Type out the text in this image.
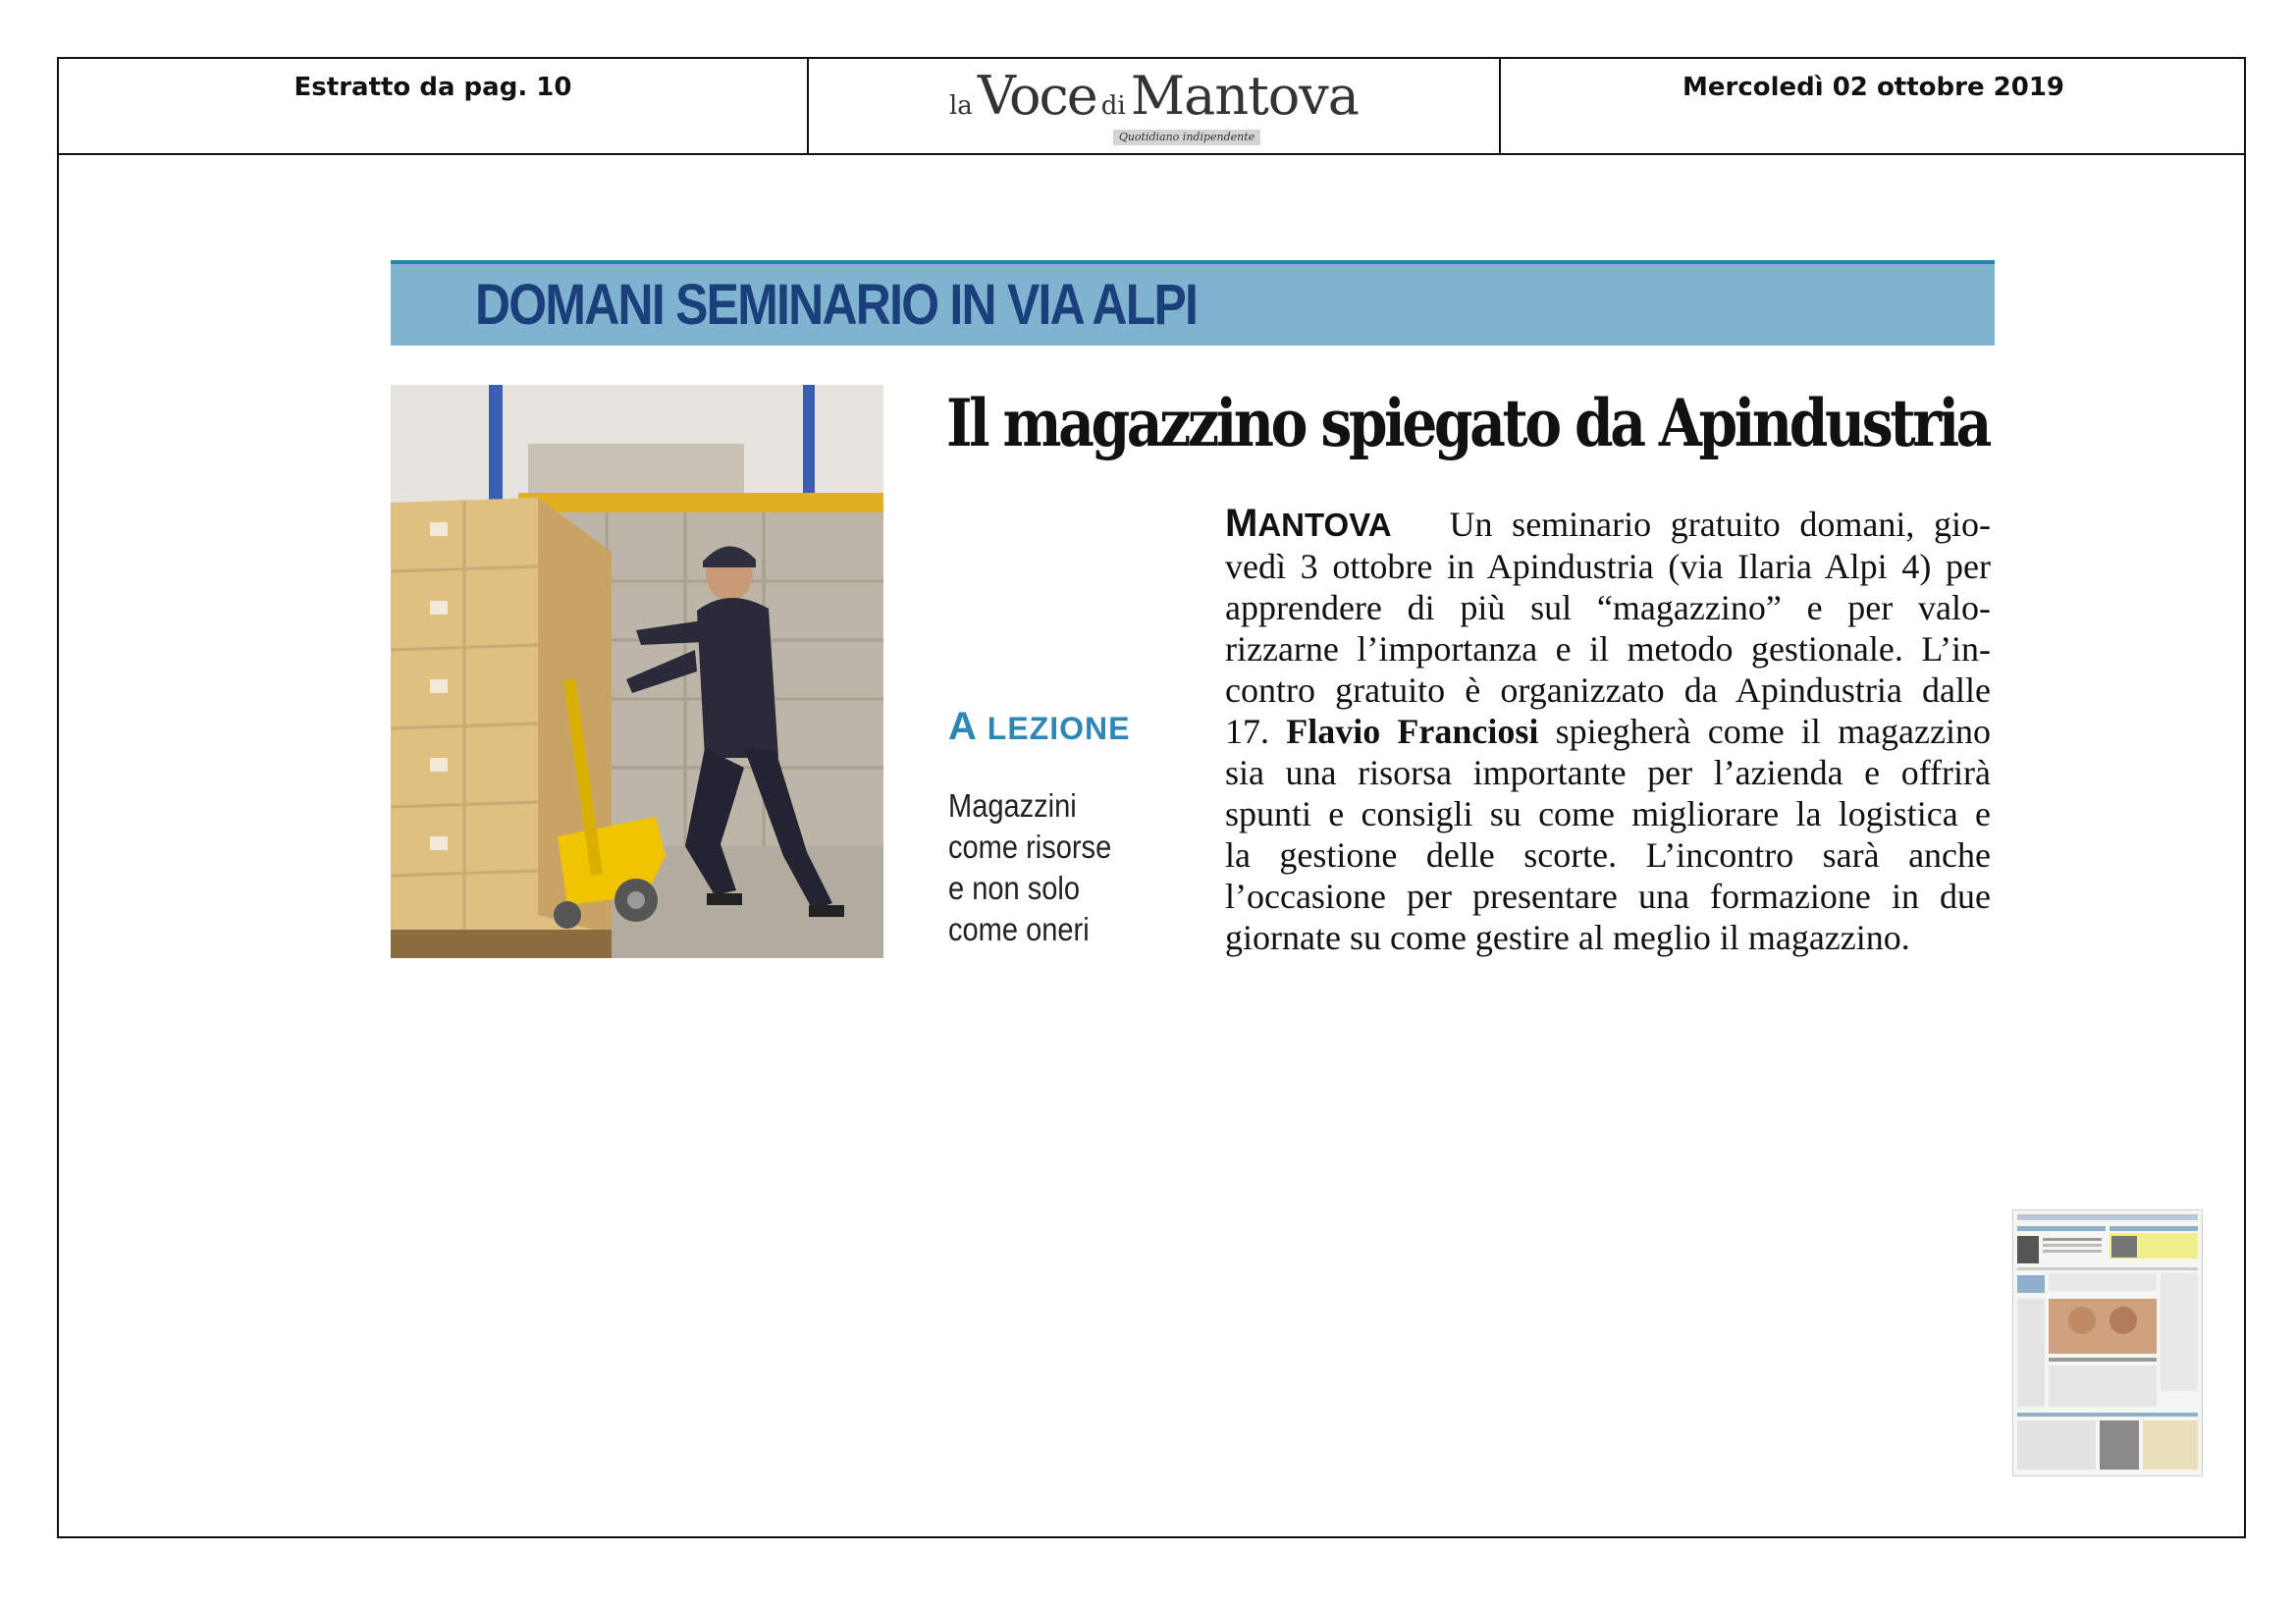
Estratto da pag. 10
la Voce di Mantova
Quotidiano indipendente
Mercoledì 02 ottobre 2019
DOMANI SEMINARIO IN VIA ALPI
Il magazzino spiegato da Apindustria
A LEZIONE
Magazzini
come risorse
e non solo
come oneri
MANTOVA Un seminario gratuito domani, gio-
vedì 3 ottobre in Apindustria (via Ilaria Alpi 4) per
apprendere di più sul “magazzino” e per valo-
rizzarne l’importanza e il metodo gestionale. L’in-
contro gratuito è organizzato da Apindustria dalle
17. Flavio Franciosi spiegherà come il magazzino
sia una risorsa importante per l’azienda e offrirà
spunti e consigli su come migliorare la logistica e
la gestione delle scorte. L’incontro sarà anche
l’occasione per presentare una formazione in due
giornate su come gestire al meglio il magazzino.
